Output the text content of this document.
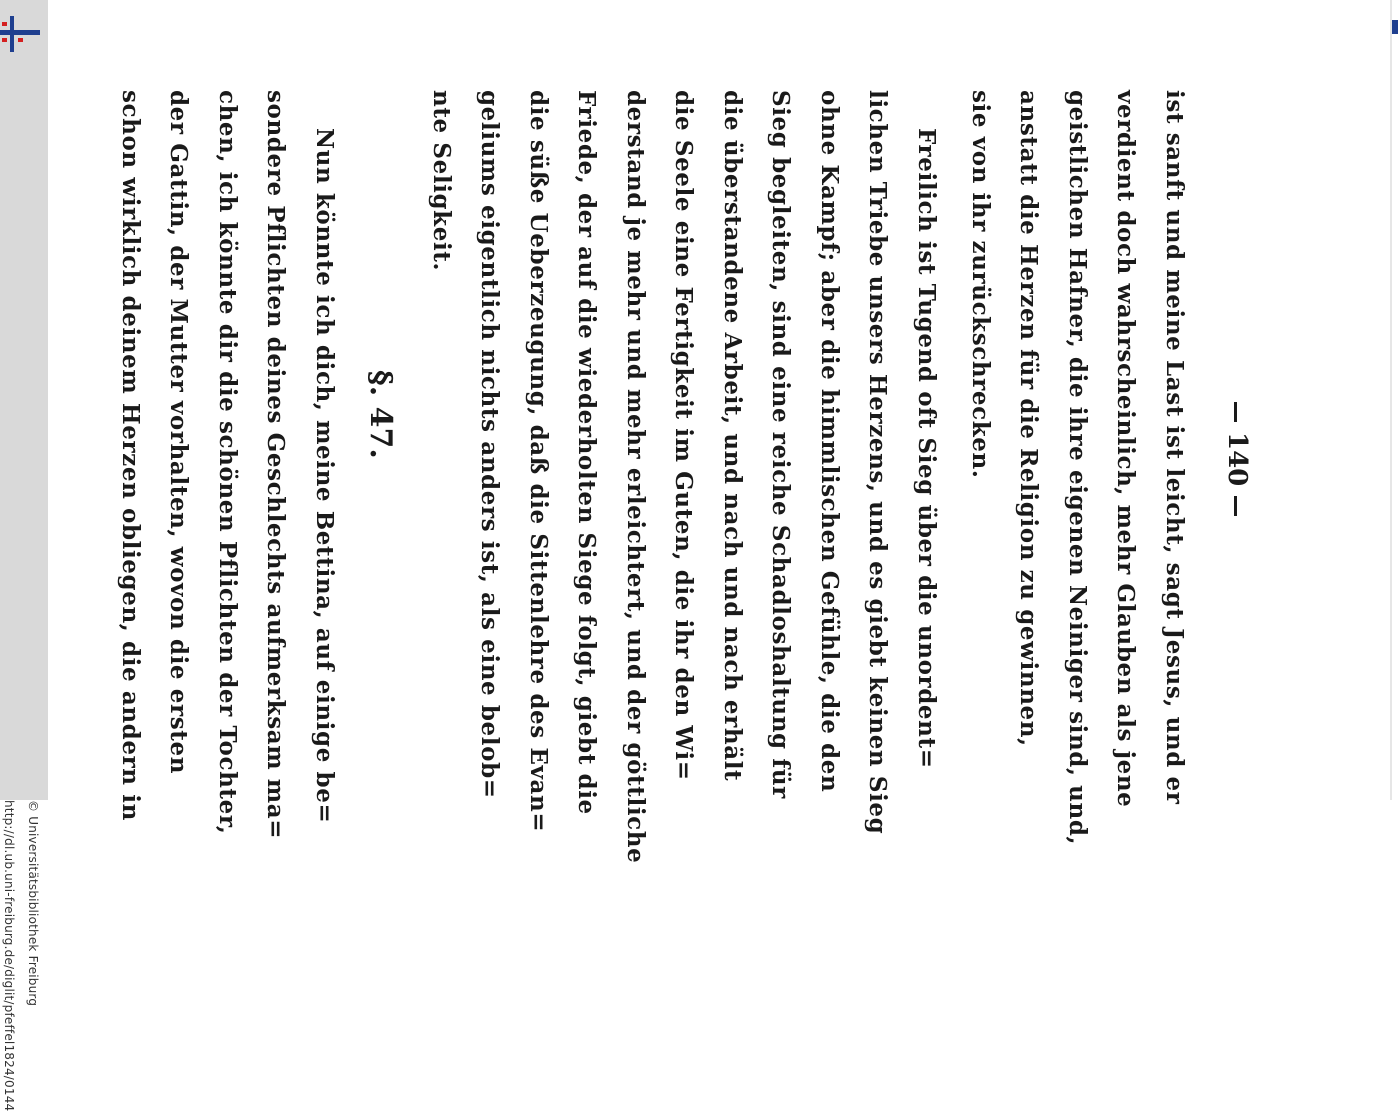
http://dl.ub.uni-freiburg.de/diglit/pfeffel1824/0144 © Universitätsbibliothek Freiburg
140
ist sanft und meine Last ist leicht, sagt Jesus, und er
verdient doch wahrscheinlich, mehr Glauben als jene
geistlichen Hafner, die ihre eigenen Neiniger sind, und,
anstatt die Herzen für die Religion zu gewinnen,
sie von ihr zurückschrecken.
Freilich ist Tugend oft Sieg über die unordent=
lichen Triebe unsers Herzens, und es giebt keinen Sieg
ohne Kampf; aber die himmlischen Gefühle, die den
Sieg begleiten, sind eine reiche Schadloshaltung für
die überstandene Arbeit, und nach und nach erhält
die Seele eine Fertigkeit im Guten, die ihr den Wi=
derstand je mehr und mehr erleichtert, und der göttliche
Friede, der auf die wiederholten Siege folgt, giebt die
die süße Ueberzeugung, daß die Sittenlehre des Evan=
geliums eigentlich nichts anders ist, als eine belob=
nte Seligkeit.
§. 47.
Nun könnte ich dich, meine Bettina, auf einige be=
sondere Pflichten deines Geschlechts aufmerksam ma=
chen, ich könnte dir die schönen Pflichten der Tochter,
der Gattin, der Mutter vorhalten, wovon die ersten
schon wirklich deinem Herzen obliegen, die andern in
